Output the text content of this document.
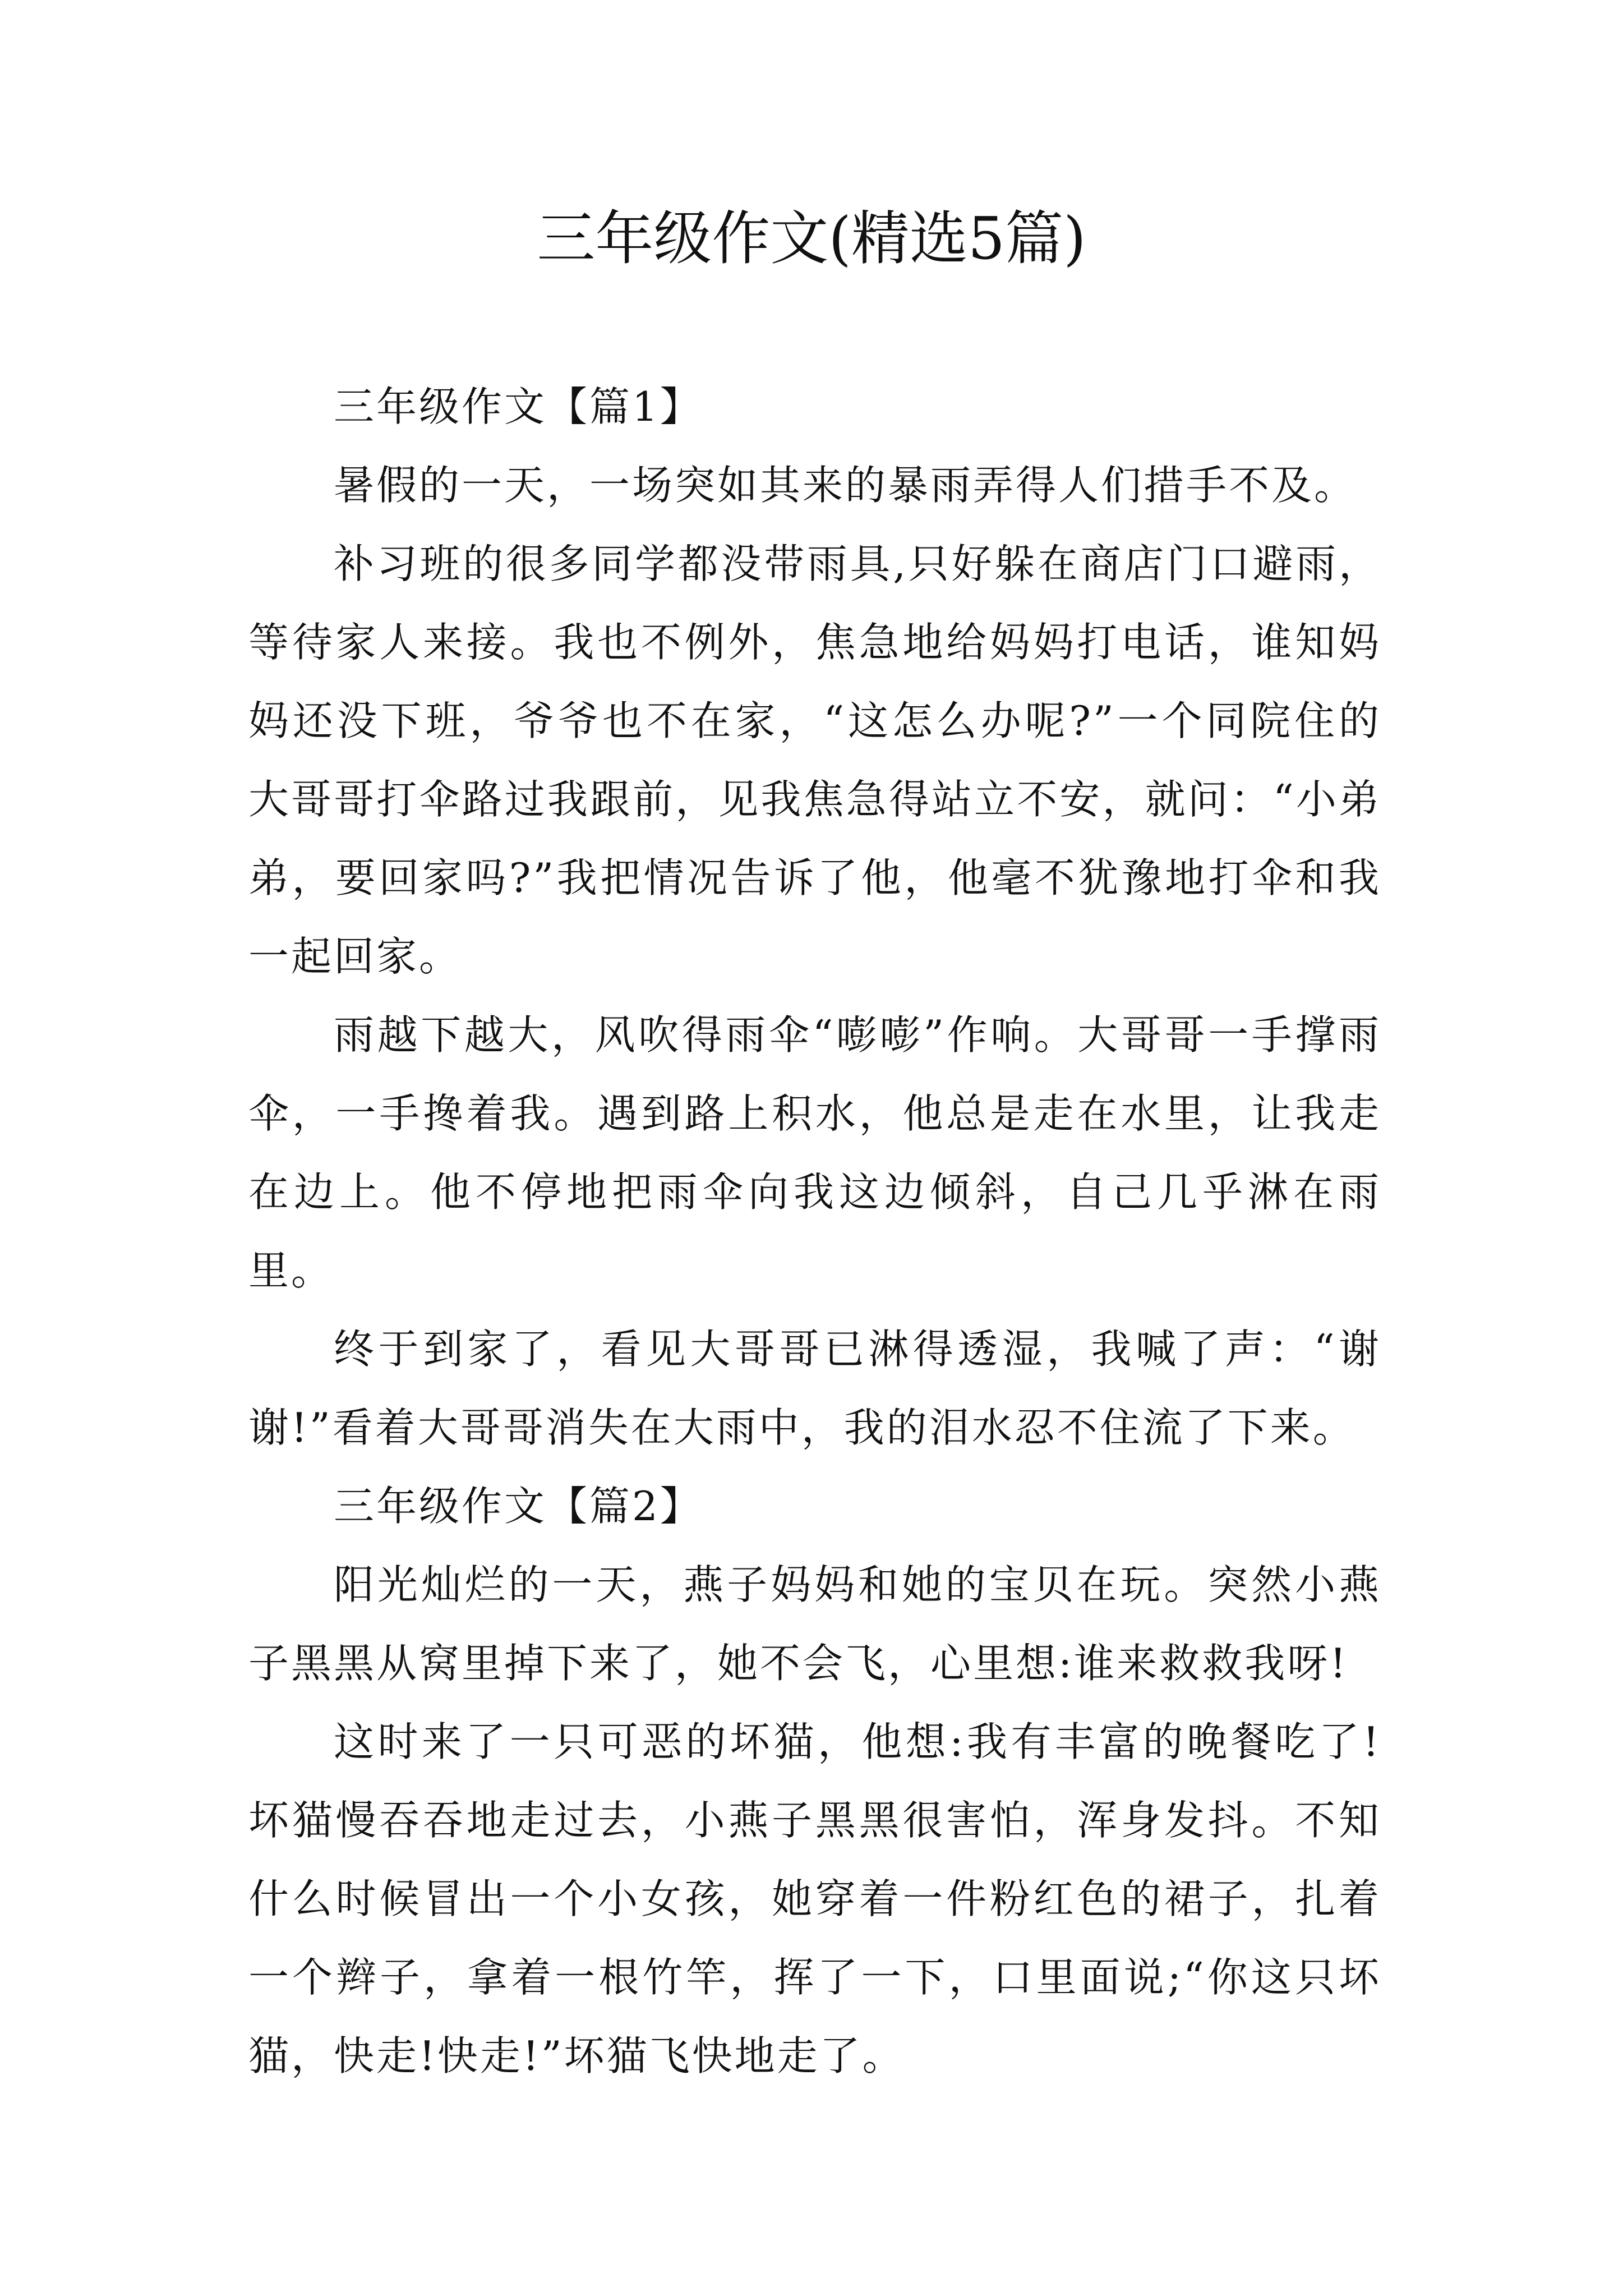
三年级作文(精选5篇)

三年级作文【篇1】

暑假的一天，一场突如其来的暴雨弄得人们措手不及。

补习班的很多同学都没带雨具,只好躲在商店门口避雨，等待家人来接。我也不例外，焦急地给妈妈打电话，谁知妈妈还没下班，爷爷也不在家，“这怎么办呢?”一个同院住的大哥哥打伞路过我跟前，见我焦急得站立不安，就问：“小弟弟，要回家吗?”我把情况告诉了他，他毫不犹豫地打伞和我一起回家。

雨越下越大，风吹得雨伞“嘭嘭”作响。大哥哥一手撑雨伞，一手搀着我。遇到路上积水，他总是走在水里，让我走在边上。他不停地把雨伞向我这边倾斜，自己几乎淋在雨里。

终于到家了，看见大哥哥已淋得透湿，我喊了声：“谢谢!”看着大哥哥消失在大雨中，我的泪水忍不住流了下来。

三年级作文【篇2】

阳光灿烂的一天，燕子妈妈和她的宝贝在玩。突然小燕子黑黑从窝里掉下来了，她不会飞，心里想:谁来救救我呀!

这时来了一只可恶的坏猫，他想:我有丰富的晚餐吃了!坏猫慢吞吞地走过去，小燕子黑黑很害怕，浑身发抖。不知什么时候冒出一个小女孩，她穿着一件粉红色的裙子，扎着一个辫子，拿着一根竹竿，挥了一下，口里面说;“你这只坏猫，快走!快走!”坏猫飞快地走了。
